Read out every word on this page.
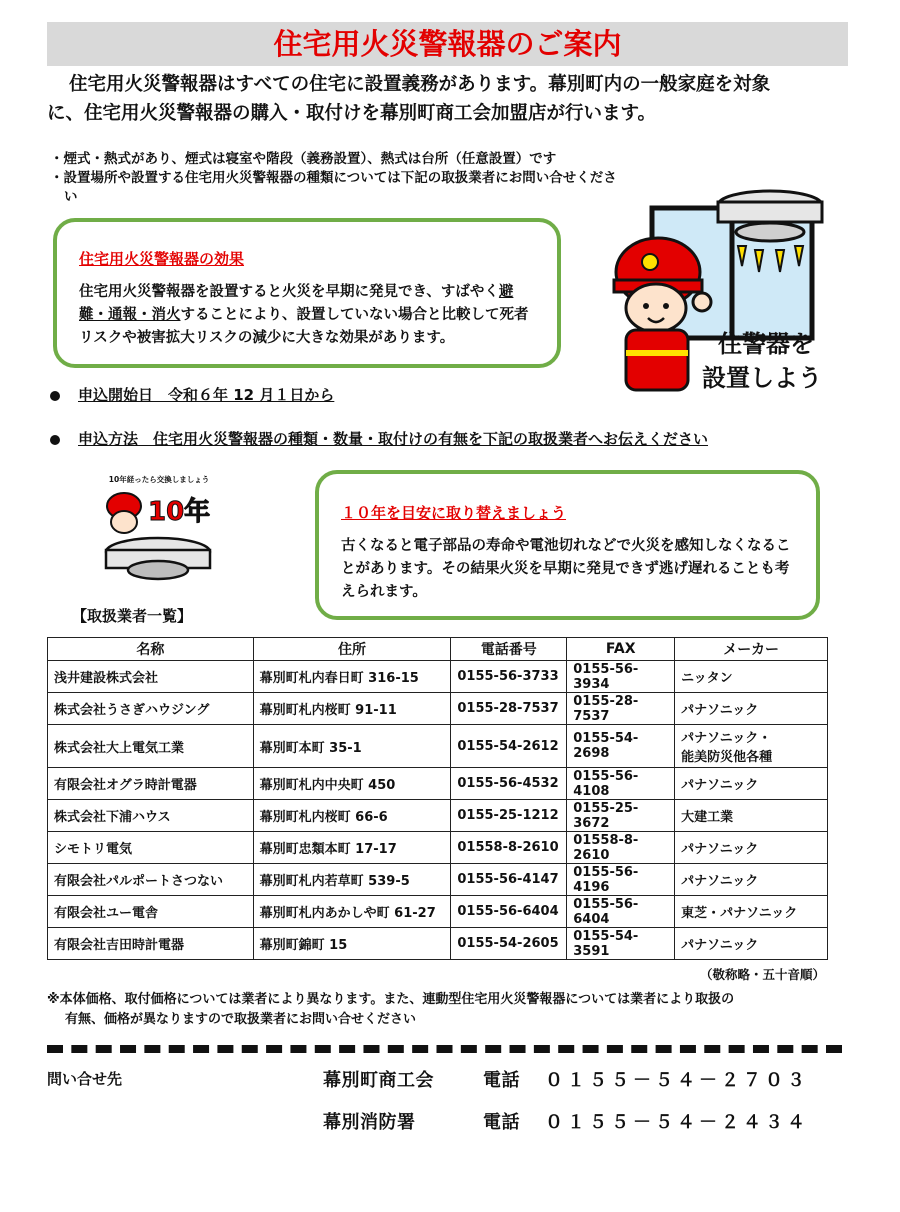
住宅用火災警報器のご案内
住宅用火災警報器はすべての住宅に設置義務があります。幕別町内の一般家庭を対象
に、住宅用火災警報器の購入・取付けを幕別町商工会加盟店が行います。
・煙式・熱式があり、煙式は寝室や階段（義務設置）、熱式は台所（任意設置）です
・設置場所や設置する住宅用火災警報器の種類については下記の取扱業者にお問い合せください
住宅用火災警報器の効果
住宅用火災警報器を設置すると火災を早期に発見でき、すばやく避難・通報・消火することにより、設置していない場合と比較して死者リスクや被害拡大リスクの減少に大きな効果があります。	住警器を
設置しよう
申込開始日　令和６年 12 月１日から
申込方法　住宅用火災警報器の種類・数量・取付けの有無を下記の取扱業者へお伝えください
10年経ったら交換しましょう
10年	１０年を目安に取り替えましょう
古くなると電子部品の寿命や電池切れなどで火災を感知しなくなることがあります。その結果火災を早期に発見できず逃げ遅れることも考えられます。
【取扱業者一覧】
名称	住所	電話番号	FAX	メーカー
浅井建設株式会社	幕別町札内春日町 316-15	0155-56-3733	0155-56-3934	ニッタン
株式会社うさぎハウジング	幕別町札内桜町 91-11	0155-28-7537	0155-28-7537	パナソニック
株式会社大上電気工業	幕別町本町 35-1	0155-54-2612	0155-54-2698	パナソニック・
能美防災他各種

有限会社オグラ時計電器	幕別町札内中央町 450	0155-56-4532	0155-56-4108	パナソニック
株式会社下浦ハウス	幕別町札内桜町 66-6	0155-25-1212	0155-25-3672	大建工業
シモトリ電気	幕別町忠類本町 17-17	01558-8-2610	01558-8-2610	パナソニック
有限会社パルポートさつない	幕別町札内若草町 539-5	0155-56-4147	0155-56-4196	パナソニック
有限会社ユー電舎	幕別町札内あかしや町 61-27	0155-56-6404	0155-56-6404	東芝・パナソニック
有限会社吉田時計電器	幕別町錦町 15	0155-54-2605	0155-54-3591	パナソニック
（敬称略・五十音順）
※本体価格、取付価格については業者により異なります。また、連動型住宅用火災警報器については業者により取扱の
有無、価格が異なりますので取扱業者にお問い合せください
問い合せ先	幕別町商工会	電話 ０１５５－５４－２７０３
幕別消防署	電話 ０１５５－５４－２４３４
